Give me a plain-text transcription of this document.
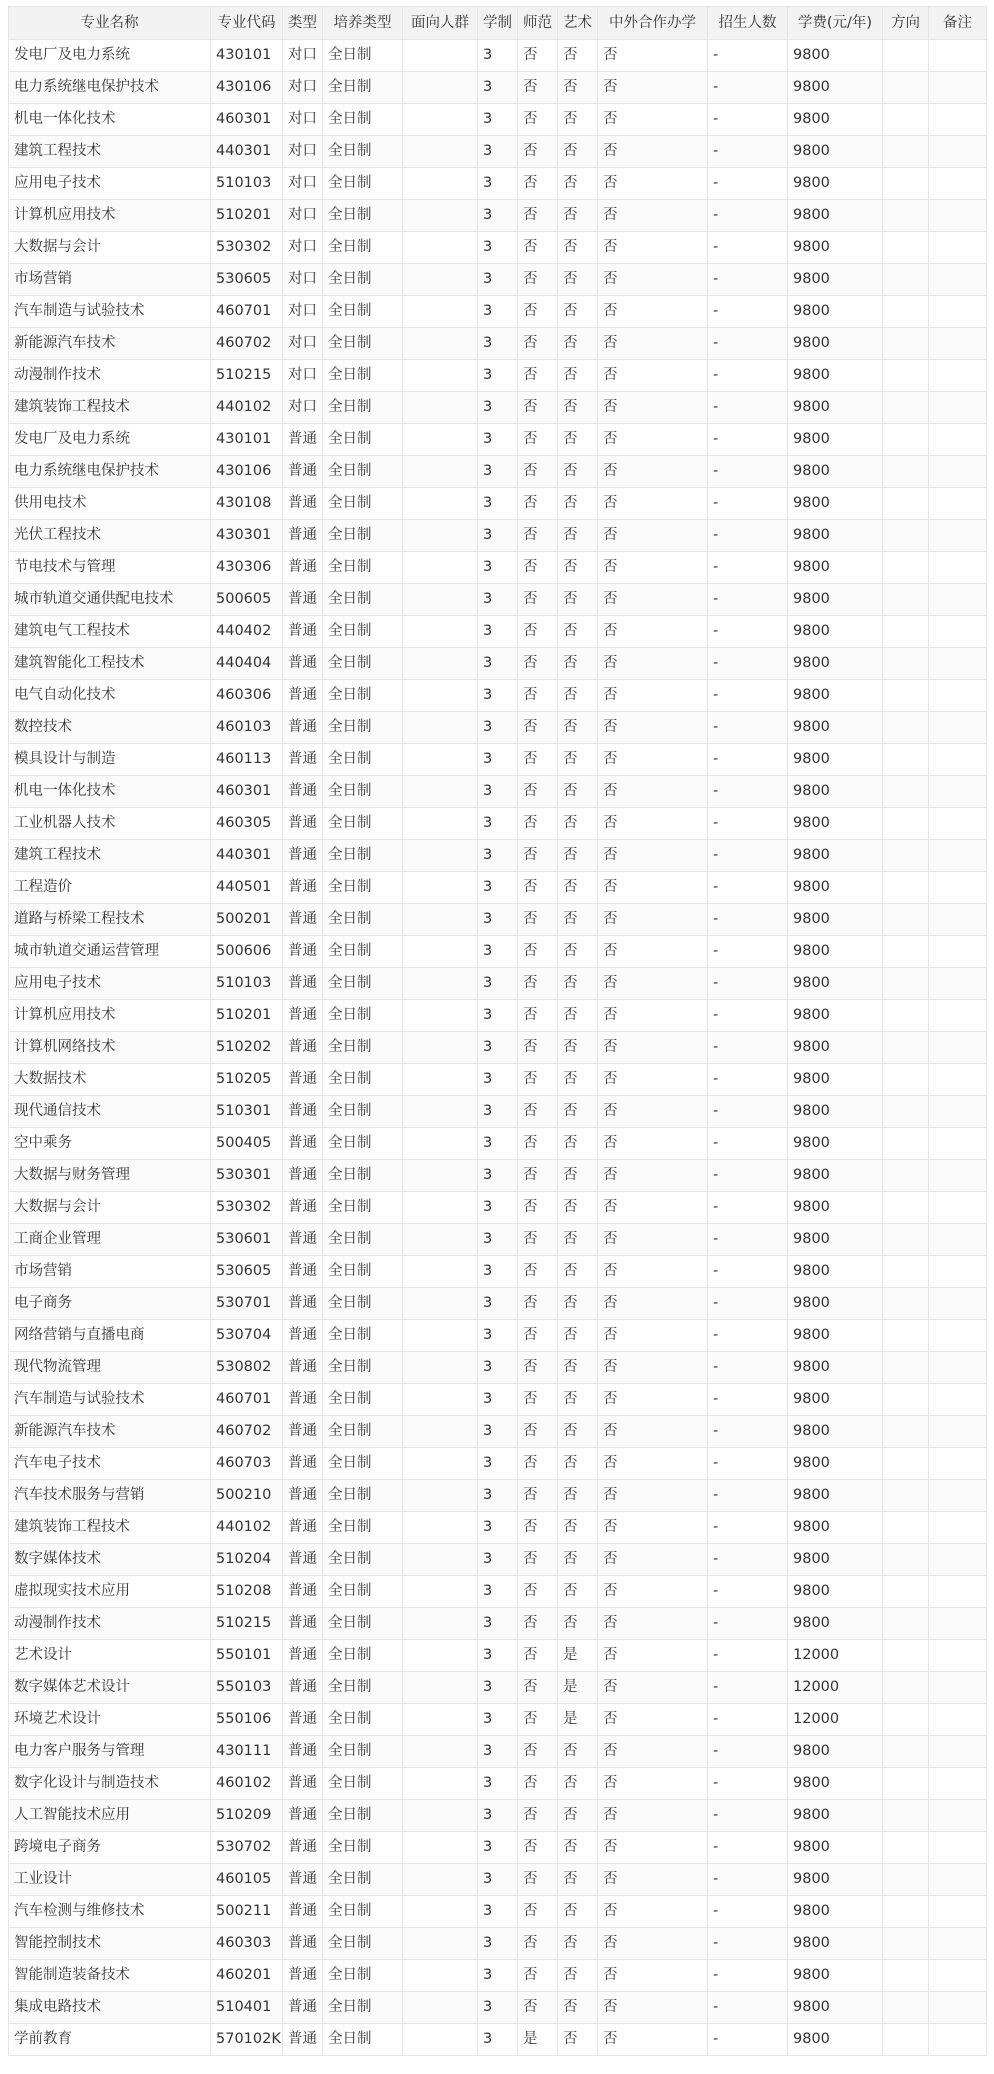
专业名称	专业代码	类型	培养类型	面向人群	学制	师范	艺术	中外合作办学	招生人数	学费(元/年)	方向	备注
发电厂及电力系统	430101	对口	全日制		3	否	否	否	-	9800		
电力系统继电保护技术	430106	对口	全日制		3	否	否	否	-	9800		
机电一体化技术	460301	对口	全日制		3	否	否	否	-	9800		
建筑工程技术	440301	对口	全日制		3	否	否	否	-	9800		
应用电子技术	510103	对口	全日制		3	否	否	否	-	9800		
计算机应用技术	510201	对口	全日制		3	否	否	否	-	9800		
大数据与会计	530302	对口	全日制		3	否	否	否	-	9800		
市场营销	530605	对口	全日制		3	否	否	否	-	9800		
汽车制造与试验技术	460701	对口	全日制		3	否	否	否	-	9800		
新能源汽车技术	460702	对口	全日制		3	否	否	否	-	9800		
动漫制作技术	510215	对口	全日制		3	否	否	否	-	9800		
建筑装饰工程技术	440102	对口	全日制		3	否	否	否	-	9800		
发电厂及电力系统	430101	普通	全日制		3	否	否	否	-	9800		
电力系统继电保护技术	430106	普通	全日制		3	否	否	否	-	9800		
供用电技术	430108	普通	全日制		3	否	否	否	-	9800		
光伏工程技术	430301	普通	全日制		3	否	否	否	-	9800		
节电技术与管理	430306	普通	全日制		3	否	否	否	-	9800		
城市轨道交通供配电技术	500605	普通	全日制		3	否	否	否	-	9800		
建筑电气工程技术	440402	普通	全日制		3	否	否	否	-	9800		
建筑智能化工程技术	440404	普通	全日制		3	否	否	否	-	9800		
电气自动化技术	460306	普通	全日制		3	否	否	否	-	9800		
数控技术	460103	普通	全日制		3	否	否	否	-	9800		
模具设计与制造	460113	普通	全日制		3	否	否	否	-	9800		
机电一体化技术	460301	普通	全日制		3	否	否	否	-	9800		
工业机器人技术	460305	普通	全日制		3	否	否	否	-	9800		
建筑工程技术	440301	普通	全日制		3	否	否	否	-	9800		
工程造价	440501	普通	全日制		3	否	否	否	-	9800		
道路与桥梁工程技术	500201	普通	全日制		3	否	否	否	-	9800		
城市轨道交通运营管理	500606	普通	全日制		3	否	否	否	-	9800		
应用电子技术	510103	普通	全日制		3	否	否	否	-	9800		
计算机应用技术	510201	普通	全日制		3	否	否	否	-	9800		
计算机网络技术	510202	普通	全日制		3	否	否	否	-	9800		
大数据技术	510205	普通	全日制		3	否	否	否	-	9800		
现代通信技术	510301	普通	全日制		3	否	否	否	-	9800		
空中乘务	500405	普通	全日制		3	否	否	否	-	9800		
大数据与财务管理	530301	普通	全日制		3	否	否	否	-	9800		
大数据与会计	530302	普通	全日制		3	否	否	否	-	9800		
工商企业管理	530601	普通	全日制		3	否	否	否	-	9800		
市场营销	530605	普通	全日制		3	否	否	否	-	9800		
电子商务	530701	普通	全日制		3	否	否	否	-	9800		
网络营销与直播电商	530704	普通	全日制		3	否	否	否	-	9800		
现代物流管理	530802	普通	全日制		3	否	否	否	-	9800		
汽车制造与试验技术	460701	普通	全日制		3	否	否	否	-	9800		
新能源汽车技术	460702	普通	全日制		3	否	否	否	-	9800		
汽车电子技术	460703	普通	全日制		3	否	否	否	-	9800		
汽车技术服务与营销	500210	普通	全日制		3	否	否	否	-	9800		
建筑装饰工程技术	440102	普通	全日制		3	否	否	否	-	9800		
数字媒体技术	510204	普通	全日制		3	否	否	否	-	9800		
虚拟现实技术应用	510208	普通	全日制		3	否	否	否	-	9800		
动漫制作技术	510215	普通	全日制		3	否	否	否	-	9800		
艺术设计	550101	普通	全日制		3	否	是	否	-	12000		
数字媒体艺术设计	550103	普通	全日制		3	否	是	否	-	12000		
环境艺术设计	550106	普通	全日制		3	否	是	否	-	12000		
电力客户服务与管理	430111	普通	全日制		3	否	否	否	-	9800		
数字化设计与制造技术	460102	普通	全日制		3	否	否	否	-	9800		
人工智能技术应用	510209	普通	全日制		3	否	否	否	-	9800		
跨境电子商务	530702	普通	全日制		3	否	否	否	-	9800		
工业设计	460105	普通	全日制		3	否	否	否	-	9800		
汽车检测与维修技术	500211	普通	全日制		3	否	否	否	-	9800		
智能控制技术	460303	普通	全日制		3	否	否	否	-	9800		
智能制造装备技术	460201	普通	全日制		3	否	否	否	-	9800		
集成电路技术	510401	普通	全日制		3	否	否	否	-	9800		
学前教育	570102K	普通	全日制		3	是	否	否	-	9800		
